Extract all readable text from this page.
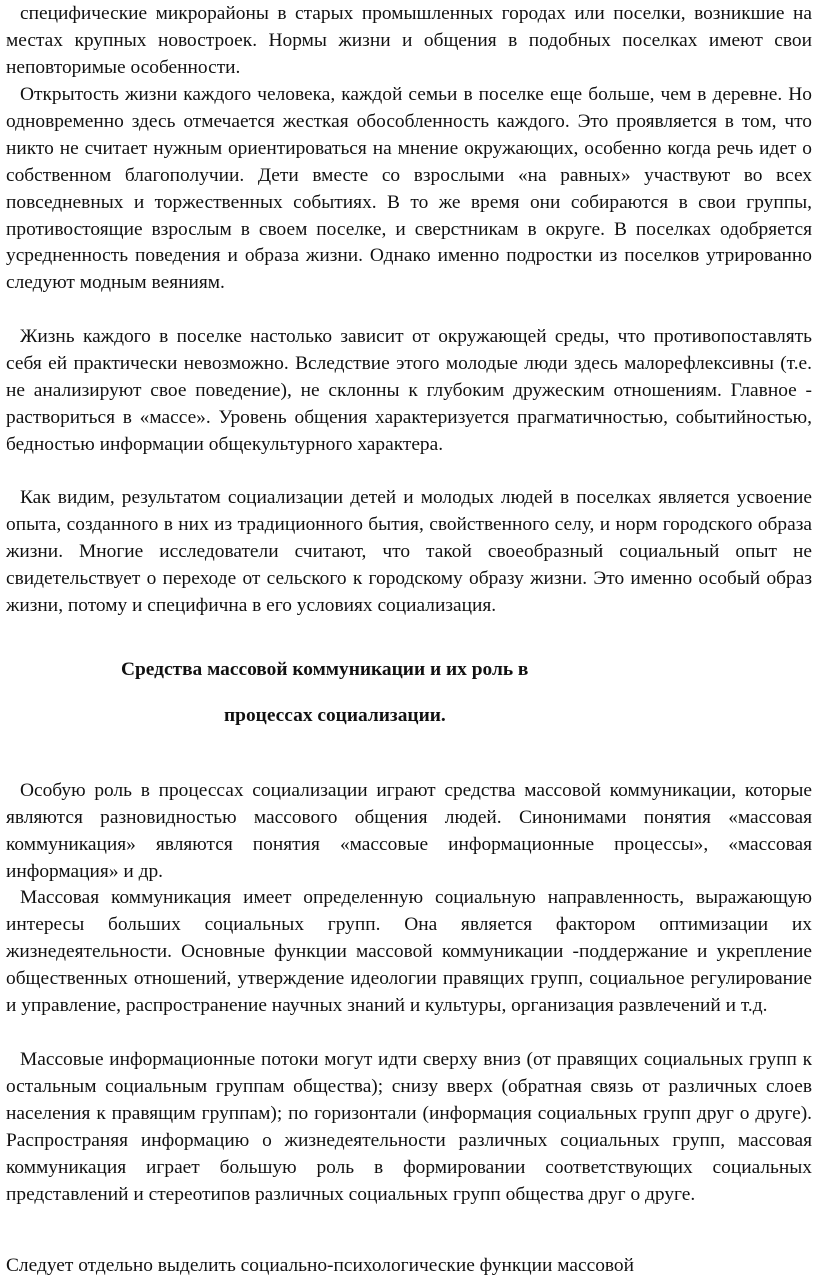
специфические микрорайоны в старых промышленных городах или поселки, возникшие на местах крупных новостроек. Нормы жизни и общения в подобных поселках имеют свои неповторимые особенности.

Открытость жизни каждого человека, каждой семьи в поселке еще больше, чем в деревне. Но одновременно здесь отмечается жесткая обособленность каждого. Это проявляется в том, что никто не считает нужным ориентироваться на мнение окружающих, особенно когда речь идет о собственном благополучии. Дети вместе со взрослыми «на равных» участвуют во всех повседневных и торжественных событиях. В то же время они собираются в свои группы, противостоящие взрослым в своем поселке, и сверстникам в округе. В поселках одобряется усредненность поведения и образа жизни. Однако именно подростки из поселков утрированно следуют модным веяниям.

Жизнь каждого в поселке настолько зависит от окружающей среды, что противопоставлять себя ей практически невозможно. Вследствие этого молодые люди здесь малорефлексивны (т.е. не анализируют свое поведение), не склонны к глубоким дружеским отношениям. Главное - раствориться в «массе». Уровень общения характеризуется прагматичностью, событийностью, бедностью информации общекультурного характера.

Как видим, результатом социализации детей и молодых людей в поселках является усвоение опыта, созданного в них из традиционного бытия, свойственного селу, и норм городского образа жизни. Многие исследователи считают, что такой своеобразный социальный опыт не свидетельствует о переходе от сельского к городскому образу жизни. Это именно особый образ жизни, потому и специфична в его условиях социализация.

Средства массовой коммуникации и их роль в
процессах социализации.

Особую роль в процессах социализации играют средства массовой коммуникации, которые являются разновидностью массового общения людей. Синонимами понятия «массовая коммуникация» являются понятия «массовые информационные процессы», «массовая информация» и др.

Массовая коммуникация имеет определенную социальную направленность, выражающую интересы больших социальных групп. Она является фактором оптимизации их жизнедеятельности. Основные функции массовой коммуникации -поддержание и укрепление общественных отношений, утверждение идеологии правящих групп, социальное регулирование и управление, распространение научных знаний и культуры, организация развлечений и т.д.

Массовые информационные потоки могут идти сверху вниз (от правящих социальных групп к остальным социальным группам общества); снизу вверх (обратная связь от различных слоев населения к правящим группам); по горизонтали (информация социальных групп друг о друге). Распространяя информацию о жизнедеятельности различных социальных групп, массовая коммуникация играет большую роль в формировании соответствующих социальных представлений и стереотипов различных социальных групп общества друг о друге.

Следует отдельно выделить социально-психологические функции массовой
